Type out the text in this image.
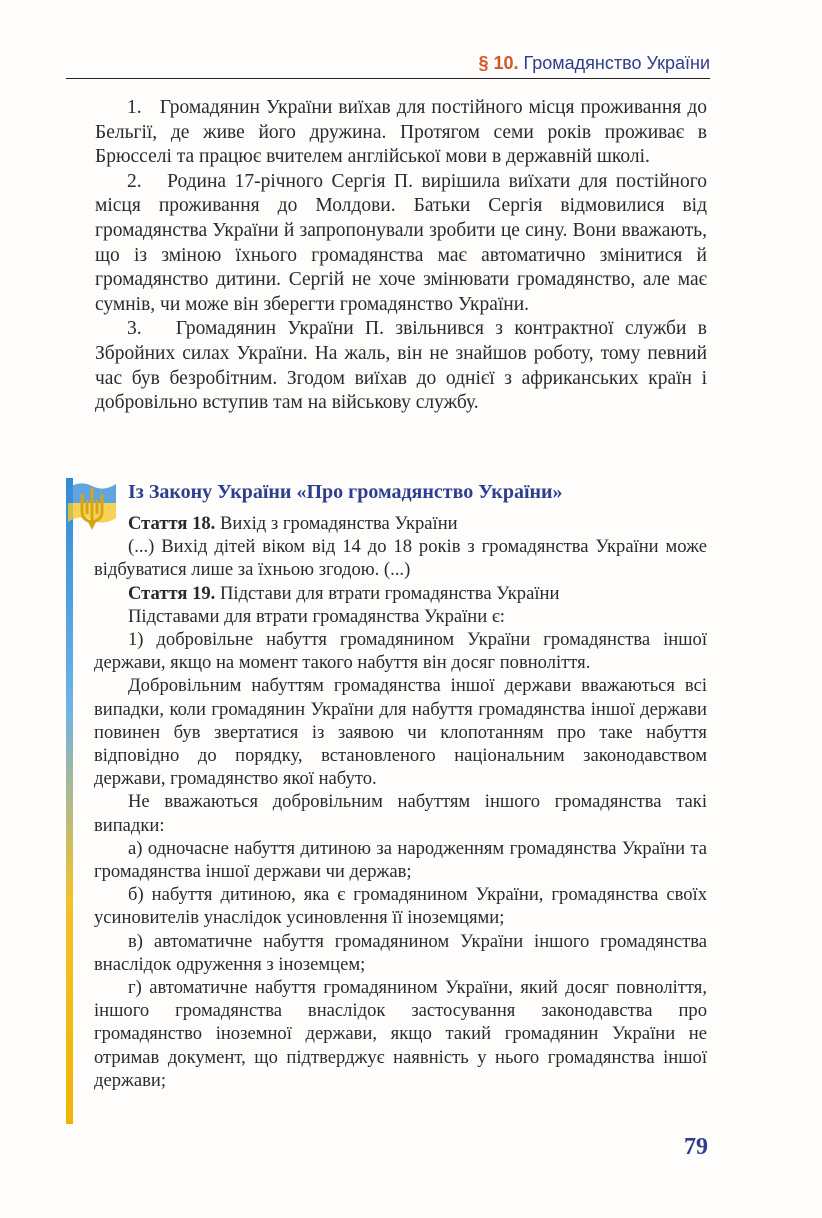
§ 10. Громадянство України

1.   Громадянин України виїхав для постійного місця проживання до Бельгії, де живе його дружина. Протягом семи років проживає в Брюсселі та працює вчителем англійської мови в державній школі.

2.   Родина 17-річного Сергія П. вирішила виїхати для постійного місця проживання до Молдови. Батьки Сергія відмовилися від громадянства України й запропонували зробити це сину. Вони вважають, що із зміною їхнього громадянства має автоматично змінитися й громадянство дитини. Сергій не хоче змінювати громадянство, але має сумнів, чи може він зберегти громадянство України.

3.   Громадянин України П. звільнився з контрактної служби в Збройних силах України. На жаль, він не знайшов роботу, тому певний час був безробітним. Згодом виїхав до однієї з африканських країн і добровільно вступив там на військову службу.

Із Закону України «Про громадянство України»

Стаття 18. Вихід з громадянства України

(...) Вихід дітей віком від 14 до 18 років з громадянства України може відбуватися лише за їхньою згодою. (...)

Стаття 19. Підстави для втрати громадянства України

Підставами для втрати громадянства України є:

1) добровільне набуття громадянином України громадянства іншої держави, якщо на момент такого набуття він досяг повноліття.

Добровільним набуттям громадянства іншої держави вважаються всі випадки, коли громадянин України для набуття громадянства іншої держави повинен був звертатися із заявою чи клопотанням про таке набуття відповідно до порядку, встановленого національним законодавством держави, громадянство якої набуто.

Не вважаються добровільним набуттям іншого громадянства такі випадки:

а) одночасне набуття дитиною за народженням громадянства України та громадянства іншої держави чи держав;

б) набуття дитиною, яка є громадянином України, громадянства своїх усиновителів унаслідок усиновлення її іноземцями;

в) автоматичне набуття громадянином України іншого громадянства внаслідок одруження з іноземцем;

г) автоматичне набуття громадянином України, який досяг повноліття, іншого громадянства внаслідок застосування законодавства про громадянство іноземної держави, якщо такий громадянин України не отримав документ, що підтверджує наявність у нього громадянства іншої держави;

79
